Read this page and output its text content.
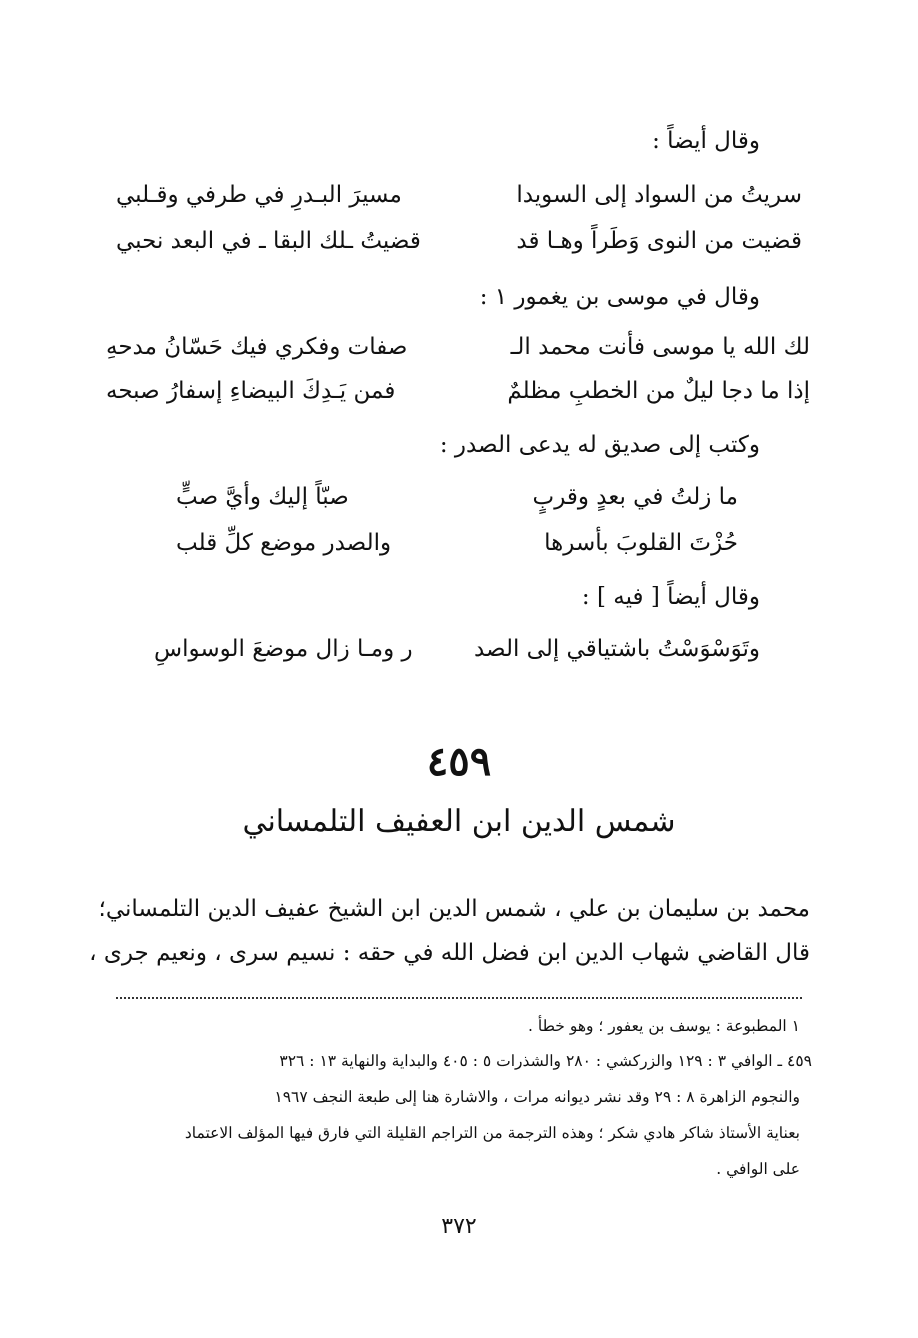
وقال أيضاً :
سريتُ من السواد إلى السويدا
مسيرَ البـدرِ في طرفي وقـلبي
قضيت من النوى وَطَراً وهـا قد
قضيتُ ـلك البقا ـ في البعد نحبي
وقال في موسى بن يغمور ١ :
لك الله يا موسى فأنت محمد الـ
صفات وفكري فيك حَسّانُ مدحهِ
إذا ما دجا ليلٌ من الخطبِ مظلمٌ
فمن يَـدِكَ البيضاءِ إسفارُ صبحه
وكتب إلى صديق له يدعى الصدر :
ما زلتُ في بعدٍ وقربٍ
صبّاً إليك وأيَّ صبٍّ
حُزْتَ القلوبَ بأسرها
والصدر موضع كلِّ قلب
وقال أيضاً [ فيه ] :
وتَوَسْوَسْتُ باشتياقي إلى الصد
ر ومـا زال موضعَ الوسواسِ
٤٥٩
شمس الدين ابن العفيف التلمساني
محمد بن سليمان بن علي ، شمس الدين ابن الشيخ عفيف الدين التلمساني؛
قال القاضي شهاب الدين ابن فضل الله في حقه : نسيم سرى ، ونعيم جرى ،
١ المطبوعة : يوسف بن يعفور ؛ وهو خطأ .
٤٥٩ ـ الوافي ٣ : ١٢٩ والزركشي : ٢٨٠ والشذرات ٥ : ٤٠٥ والبداية والنهاية ١٣ : ٣٢٦
والنجوم الزاهرة ٨ : ٢٩ وقد نشر ديوانه مرات ، والاشارة هنا إلى طبعة النجف ١٩٦٧
بعناية الأستاذ شاكر هادي شكر ؛ وهذه الترجمة من التراجم القليلة التي فارق فيها المؤلف الاعتماد
على الوافي .
٣٧٢
